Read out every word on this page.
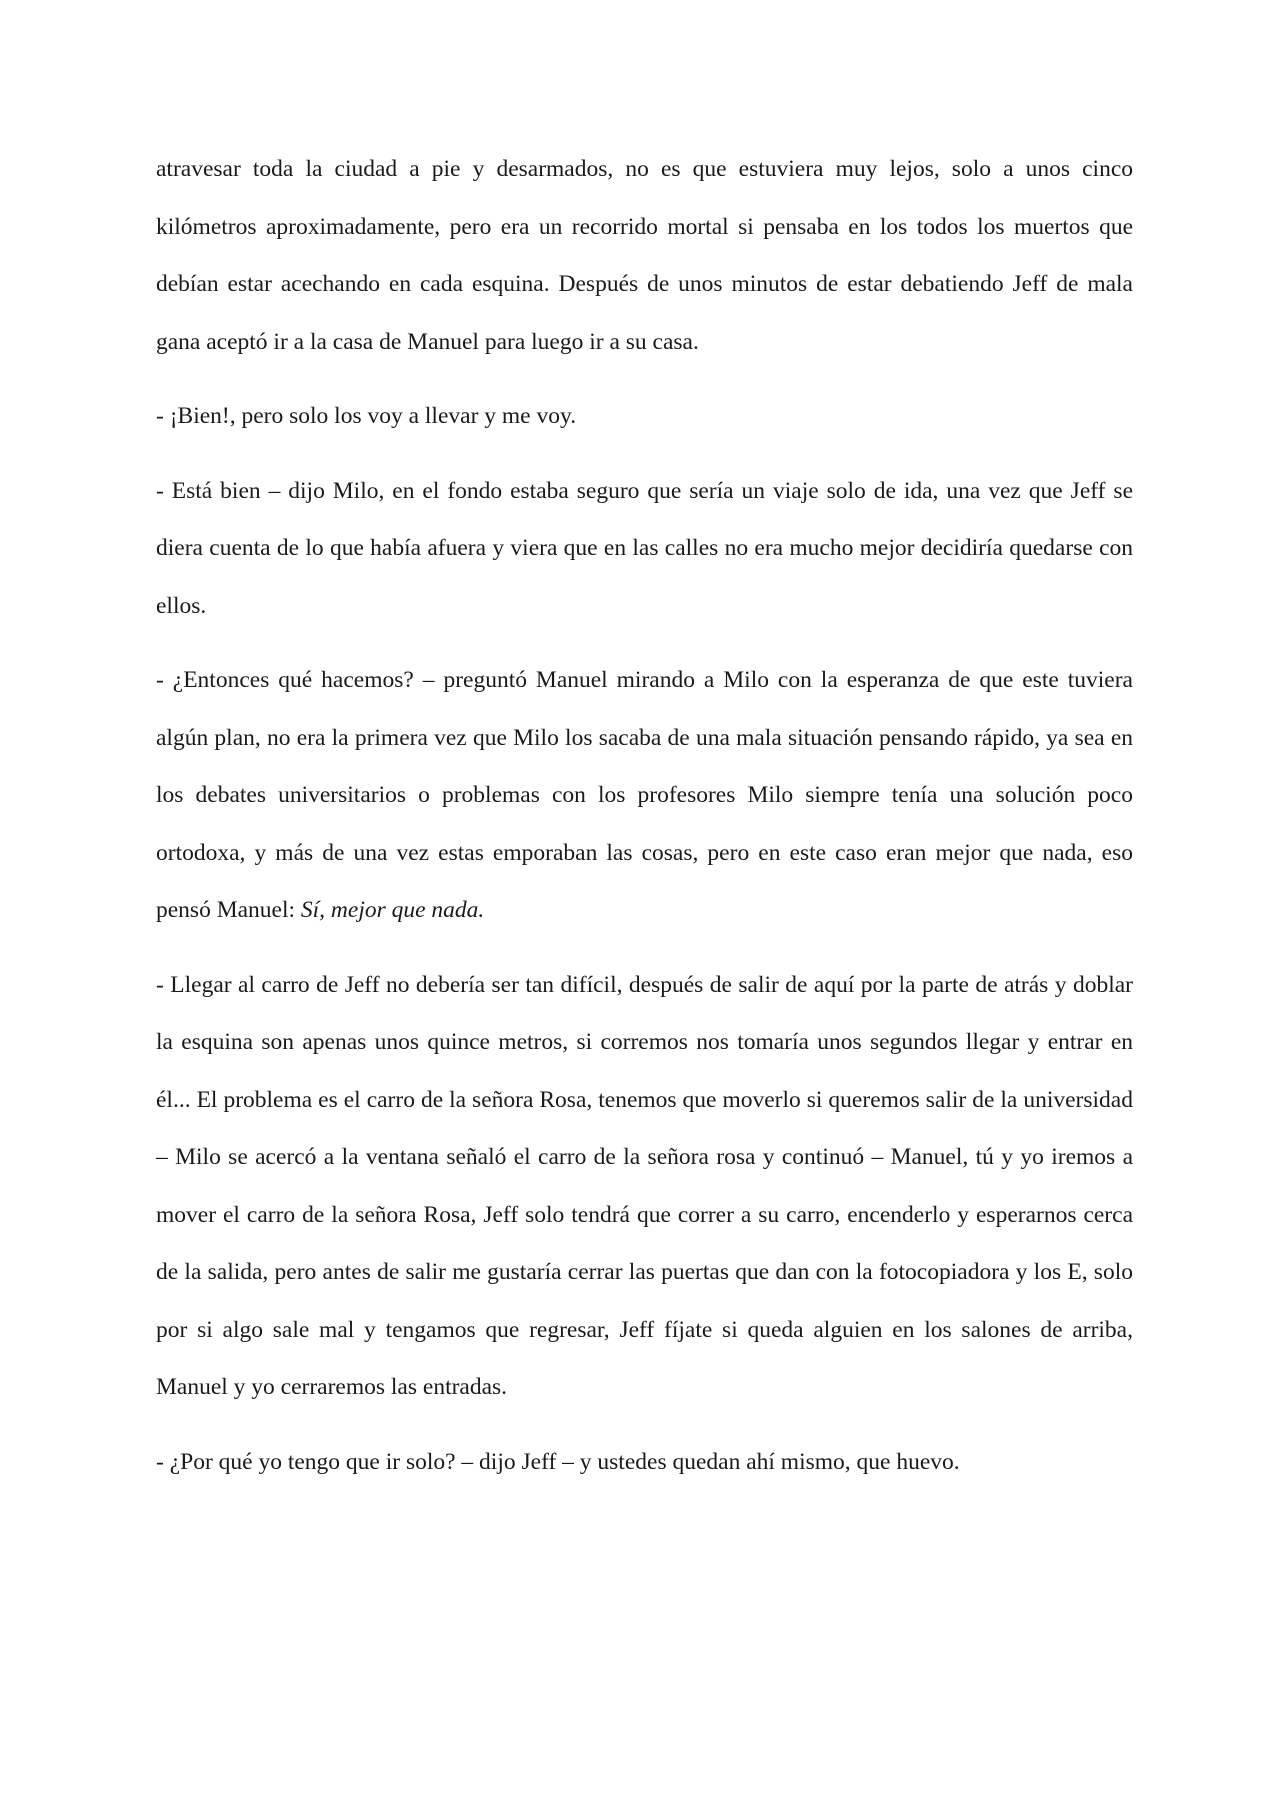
atravesar toda la ciudad a pie y desarmados, no es que estuviera muy lejos, solo a unos cinco kilómetros aproximadamente, pero era un recorrido mortal si pensaba en los todos los muertos que debían estar acechando en cada esquina. Después de unos minutos de estar debatiendo Jeff de mala gana aceptó ir a la casa de Manuel para luego ir a su casa.

- ¡Bien!, pero solo los voy a llevar y me voy.

- Está bien – dijo Milo, en el fondo estaba seguro que sería un viaje solo de ida, una vez que Jeff se diera cuenta de lo que había afuera y viera que en las calles no era mucho mejor decidiría quedarse con ellos.

- ¿Entonces qué hacemos? – preguntó Manuel mirando a Milo con la esperanza de que este tuviera algún plan, no era la primera vez que Milo los sacaba de una mala situación pensando rápido, ya sea en los debates universitarios o problemas con los profesores Milo siempre tenía una solución poco ortodoxa, y más de una vez estas emporaban las cosas, pero en este caso eran mejor que nada, eso pensó Manuel: Sí, mejor que nada.

- Llegar al carro de Jeff no debería ser tan difícil, después de salir de aquí por la parte de atrás y doblar la esquina son apenas unos quince metros, si corremos nos tomaría unos segundos llegar y entrar en él... El problema es el carro de la señora Rosa, tenemos que moverlo si queremos salir de la universidad – Milo se acercó a la ventana señaló el carro de la señora rosa y continuó – Manuel, tú y yo iremos a mover el carro de la señora Rosa, Jeff solo tendrá que correr a su carro, encenderlo y esperarnos cerca de la salida, pero antes de salir me gustaría cerrar las puertas que dan con la fotocopiadora y los E, solo por si algo sale mal y tengamos que regresar, Jeff fíjate si queda alguien en los salones de arriba, Manuel y yo cerraremos las entradas.

- ¿Por qué yo tengo que ir solo? – dijo Jeff – y ustedes quedan ahí mismo, que huevo.
